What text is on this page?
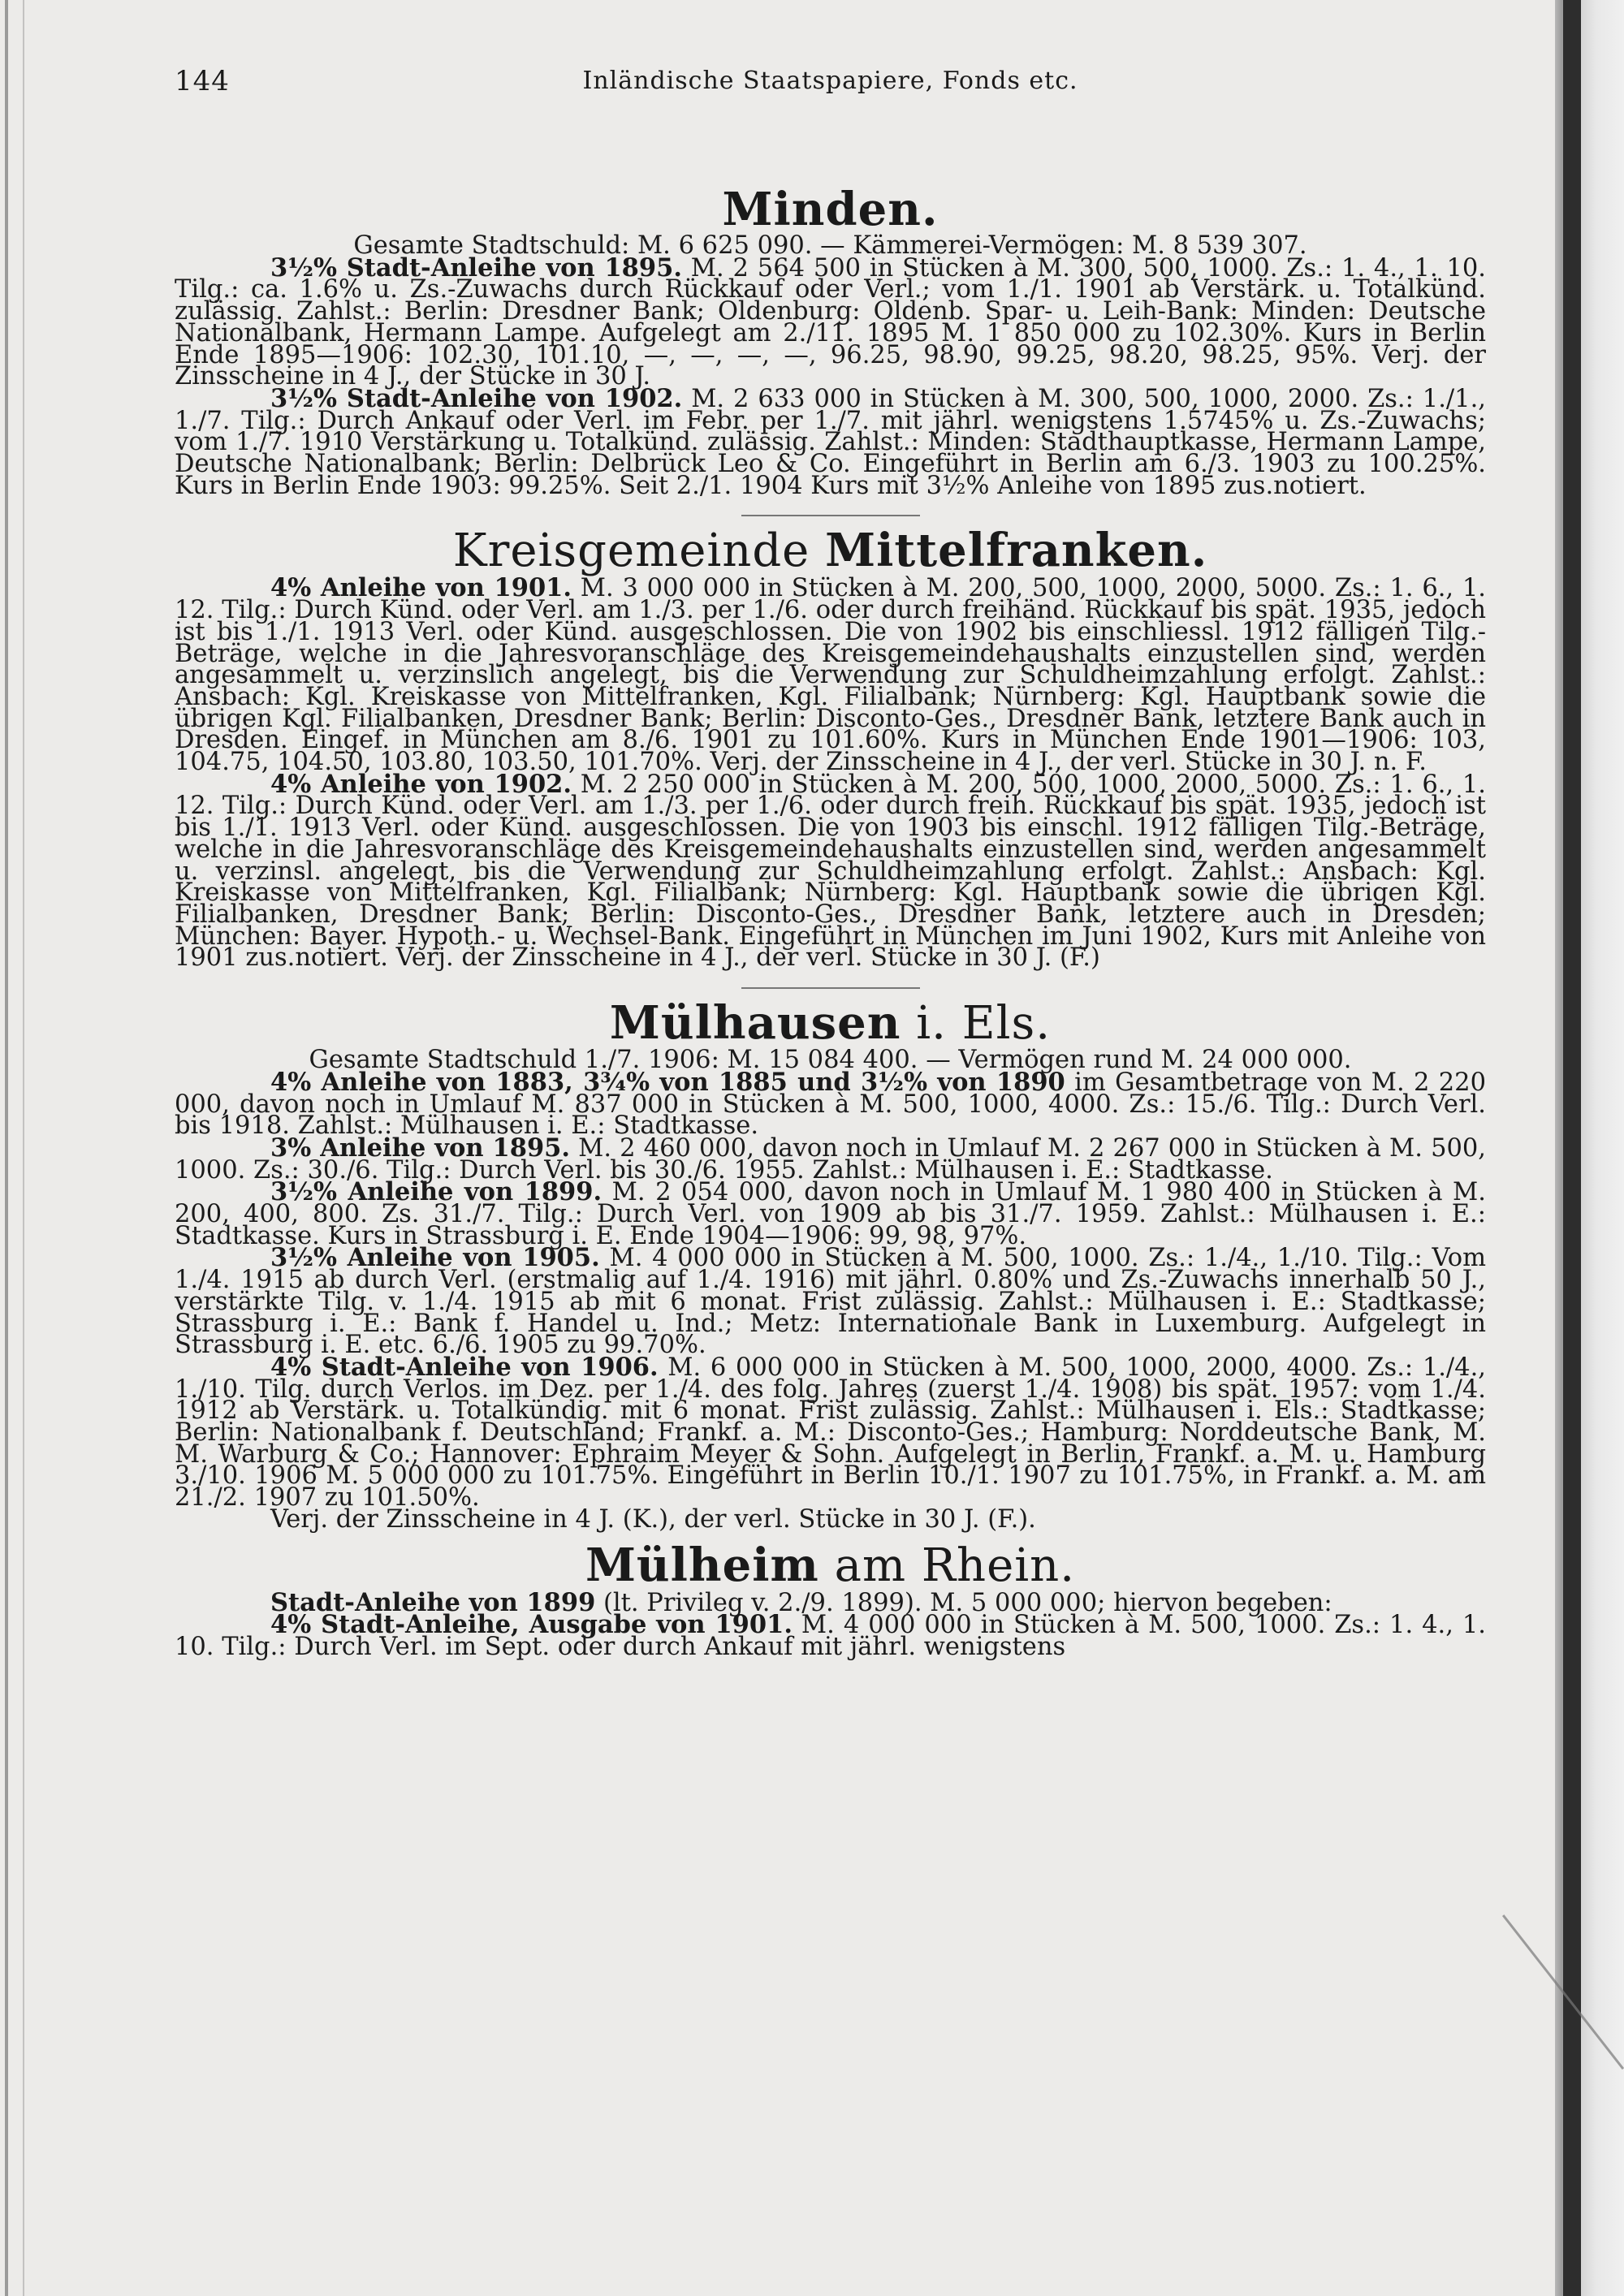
144	Inländische Staatspapiere, Fonds etc.
Minden.

Gesamte Stadtschuld: M. 6 625 090. — Kämmerei-Vermögen: M. 8 539 307.

3½% Stadt-Anleihe von 1895. M. 2 564 500 in Stücken à M. 300, 500, 1000. Zs.: 1. 4., 1. 10. Tilg.: ca. 1.6% u. Zs.-Zuwachs durch Rückkauf oder Verl.; vom 1./1. 1901 ab Verstärk. u. Totalkünd. zulässig. Zahlst.: Berlin: Dresdner Bank; Oldenburg: Oldenb. Spar- u. Leih-Bank: Minden: Deutsche Nationalbank, Hermann Lampe. Aufgelegt am 2./11. 1895 M. 1 850 000 zu 102.30%. Kurs in Berlin Ende 1895—1906: 102.30, 101.10, —, —, —, —, 96.25, 98.90, 99.25, 98.20, 98.25, 95%. Verj. der Zinsscheine in 4 J., der Stücke in 30 J.

3½% Stadt-Anleihe von 1902. M. 2 633 000 in Stücken à M. 300, 500, 1000, 2000. Zs.: 1./1., 1./7. Tilg.: Durch Ankauf oder Verl. im Febr. per 1./7. mit jährl. wenigstens 1.5745% u. Zs.-Zuwachs; vom 1./7. 1910 Verstärkung u. Totalkünd. zulässig. Zahlst.: Minden: Stadthauptkasse, Hermann Lampe, Deutsche Nationalbank; Berlin: Delbrück Leo & Co. Eingeführt in Berlin am 6./3. 1903 zu 100.25%. Kurs in Berlin Ende 1903: 99.25%. Seit 2./1. 1904 Kurs mit 3½% Anleihe von 1895 zus.notiert.

Kreisgemeinde Mittelfranken.

4% Anleihe von 1901. M. 3 000 000 in Stücken à M. 200, 500, 1000, 2000, 5000. Zs.: 1. 6., 1. 12. Tilg.: Durch Künd. oder Verl. am 1./3. per 1./6. oder durch freihänd. Rückkauf bis spät. 1935, jedoch ist bis 1./1. 1913 Verl. oder Künd. ausgeschlossen. Die von 1902 bis einschliessl. 1912 fälligen Tilg.-Beträge, welche in die Jahresvoranschläge des Kreisgemeindehaushalts einzustellen sind, werden angesammelt u. verzinslich angelegt, bis die Verwendung zur Schuldheimzahlung erfolgt. Zahlst.: Ansbach: Kgl. Kreiskasse von Mittelfranken, Kgl. Filialbank; Nürnberg: Kgl. Hauptbank sowie die übrigen Kgl. Filialbanken, Dresdner Bank; Berlin: Disconto-Ges., Dresdner Bank, letztere Bank auch in Dresden. Eingef. in München am 8./6. 1901 zu 101.60%. Kurs in München Ende 1901—1906: 103, 104.75, 104.50, 103.80, 103.50, 101.70%. Verj. der Zinsscheine in 4 J., der verl. Stücke in 30 J. n. F.

4% Anleihe von 1902. M. 2 250 000 in Stücken à M. 200, 500, 1000, 2000, 5000. Zs.: 1. 6., 1. 12. Tilg.: Durch Künd. oder Verl. am 1./3. per 1./6. oder durch freih. Rückkauf bis spät. 1935, jedoch ist bis 1./1. 1913 Verl. oder Künd. ausgeschlossen. Die von 1903 bis einschl. 1912 fälligen Tilg.-Beträge, welche in die Jahresvoranschläge des Kreisgemeindehaushalts einzustellen sind, werden angesammelt u. verzinsl. angelegt, bis die Verwendung zur Schuldheimzahlung erfolgt. Zahlst.: Ansbach: Kgl. Kreiskasse von Mittelfranken, Kgl. Filialbank; Nürnberg: Kgl. Hauptbank sowie die übrigen Kgl. Filialbanken, Dresdner Bank; Berlin: Disconto-Ges., Dresdner Bank, letztere auch in Dresden; München: Bayer. Hypoth.- u. Wechsel-Bank. Eingeführt in München im Juni 1902, Kurs mit Anleihe von 1901 zus.notiert. Verj. der Zinsscheine in 4 J., der verl. Stücke in 30 J. (F.)

Mülhausen i. Els.

Gesamte Stadtschuld 1./7. 1906: M. 15 084 400. — Vermögen rund M. 24 000 000.

4% Anleihe von 1883, 3¾% von 1885 und 3½% von 1890 im Gesamtbetrage von M. 2 220 000, davon noch in Umlauf M. 837 000 in Stücken à M. 500, 1000, 4000. Zs.: 15./6. Tilg.: Durch Verl. bis 1918. Zahlst.: Mülhausen i. E.: Stadtkasse.

3% Anleihe von 1895. M. 2 460 000, davon noch in Umlauf M. 2 267 000 in Stücken à M. 500, 1000. Zs.: 30./6. Tilg.: Durch Verl. bis 30./6. 1955. Zahlst.: Mülhausen i. E.: Stadtkasse.

3½% Anleihe von 1899. M. 2 054 000, davon noch in Umlauf M. 1 980 400 in Stücken à M. 200, 400, 800. Zs. 31./7. Tilg.: Durch Verl. von 1909 ab bis 31./7. 1959. Zahlst.: Mülhausen i. E.: Stadtkasse. Kurs in Strassburg i. E. Ende 1904—1906: 99, 98, 97%.

3½% Anleihe von 1905. M. 4 000 000 in Stücken à M. 500, 1000. Zs.: 1./4., 1./10. Tilg.: Vom 1./4. 1915 ab durch Verl. (erstmalig auf 1./4. 1916) mit jährl. 0.80% und Zs.-Zuwachs innerhalb 50 J., verstärkte Tilg. v. 1./4. 1915 ab mit 6 monat. Frist zulässig. Zahlst.: Mülhausen i. E.: Stadtkasse; Strassburg i. E.: Bank f. Handel u. Ind.; Metz: Internationale Bank in Luxemburg. Aufgelegt in Strassburg i. E. etc. 6./6. 1905 zu 99.70%.

4% Stadt-Anleihe von 1906. M. 6 000 000 in Stücken à M. 500, 1000, 2000, 4000. Zs.: 1./4., 1./10. Tilg. durch Verlos. im Dez. per 1./4. des folg. Jahres (zuerst 1./4. 1908) bis spät. 1957: vom 1./4. 1912 ab Verstärk. u. Totalkündig. mit 6 monat. Frist zulässig. Zahlst.: Mülhausen i. Els.: Stadtkasse; Berlin: Nationalbank f. Deutschland; Frankf. a. M.: Disconto-Ges.; Hamburg: Norddeutsche Bank, M. M. Warburg & Co.; Hannover: Ephraim Meyer & Sohn. Aufgelegt in Berlin, Frankf. a. M. u. Hamburg 3./10. 1906 M. 5 000 000 zu 101.75%. Eingeführt in Berlin 10./1. 1907 zu 101.75%, in Frankf. a. M. am 21./2. 1907 zu 101.50%.

Verj. der Zinsscheine in 4 J. (K.), der verl. Stücke in 30 J. (F.).

Mülheim am Rhein.

Stadt-Anleihe von 1899 (lt. Privileg v. 2./9. 1899). M. 5 000 000; hiervon begeben:

4% Stadt-Anleihe, Ausgabe von 1901. M. 4 000 000 in Stücken à M. 500, 1000. Zs.: 1. 4., 1. 10. Tilg.: Durch Verl. im Sept. oder durch Ankauf mit jährl. wenigstens
